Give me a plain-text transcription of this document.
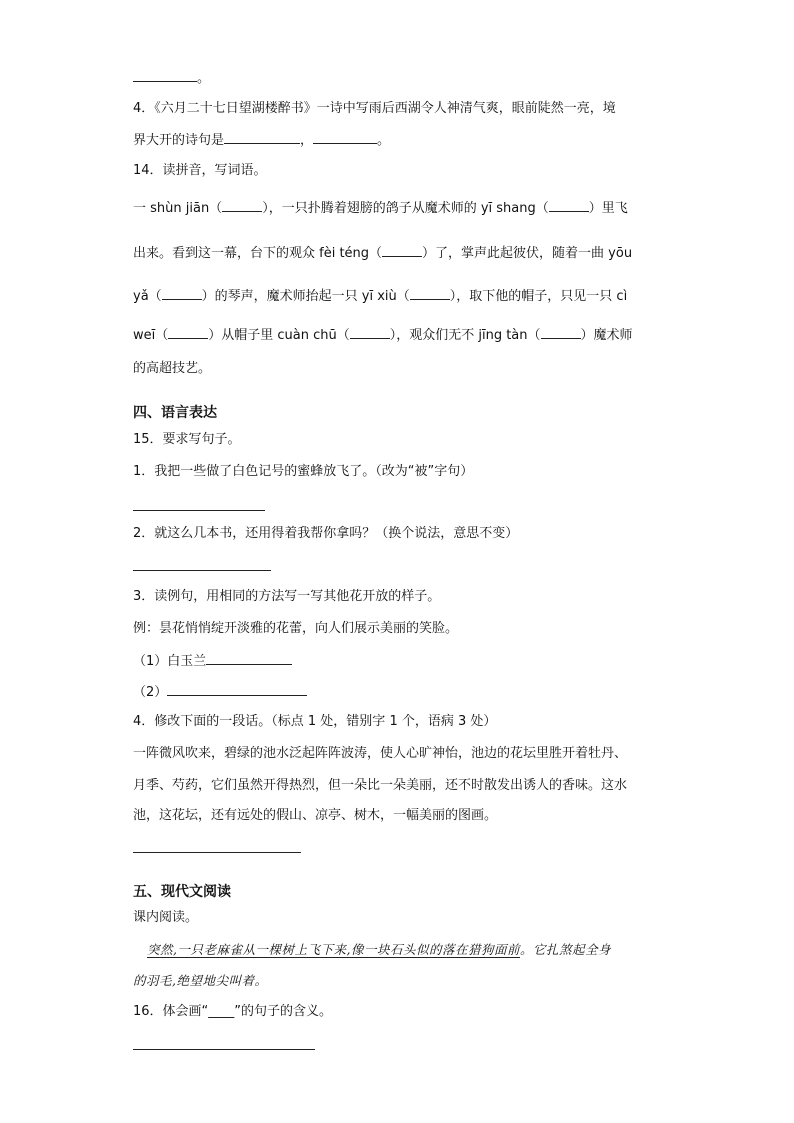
。
4．《六月二十七日望湖楼醉书》一诗中写雨后西湖令人神清气爽，眼前陡然一亮，境
界大开的诗句是	，	。
14．读拼音，写词语。
一 shùn jiān（	），一只扑腾着翅膀的鸽子从魔术师的 yī shang（	）里飞
出来。看到这一幕，台下的观众 fèi téng（	）了，掌声此起彼伏，随着一曲 yōu
yǎ（	）的琴声，魔术师抬起一只 yī xiù（	），取下他的帽子，只见一只 cì
weī（	）从帽子里 cuàn chū（	），观众们无不 jīng tàn（	）魔术师
的高超技艺。
四、语言表达
15．要求写句子。
1．我把一些做了白色记号的蜜蜂放飞了。（改为“被”字句）
2．就这么几本书，还用得着我帮你拿吗？（换个说法，意思不变）
3．读例句，用相同的方法写一写其他花开放的样子。
例：昙花悄悄绽开淡雅的花蕾，向人们展示美丽的笑脸。
（1）白玉兰
（2）
4．修改下面的一段话。（标点 1 处，错别字 1 个，语病 3 处）
一阵微风吹来，碧绿的池水泛起阵阵波涛，使人心旷神怡，池边的花坛里胜开着牡丹、
月季、芍药，它们虽然开得热烈，但一朵比一朵美丽，还不时散发出诱人的香味。这水
池，这花坛，还有远处的假山、凉亭、树木，一幅美丽的图画。
五、现代文阅读
课内阅读。
突然,一只老麻雀从一棵树上飞下来,像一块石头似的落在猎狗面前。它扎煞起全身
的羽毛,绝望地尖叫着。
16．体会画“____”的句子的含义。
